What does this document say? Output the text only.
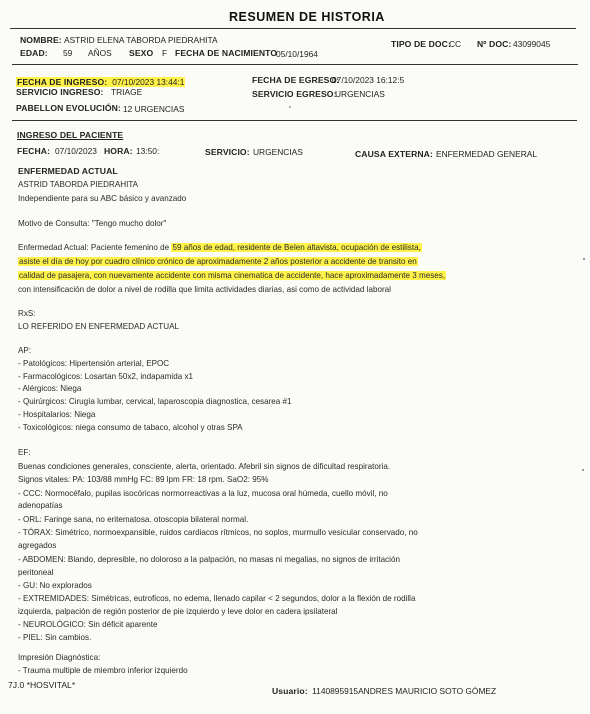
RESUMEN DE HISTORIA
NOMBRE: ASTRID ELENA TABORDA PIEDRAHITA	TIPO DE DOC:
CC Nº DOC: 43099045
EDAD: 59 AÑOS SEXO F FECHA DE NACIMIENTO
05/10/1964
FECHA DE INGRESO: 07/10/2023 13:44:1	FECHA DE EGRESO:
07/10/2023 16:12:5
SERVICIO INGRESO: TRIAGE	SERVICIO EGRESO:
URGENCIAS
PABELLON EVOLUCIÓN: 12 URGENCIAS
INGRESO DEL PACIENTE
FECHA: 07/10/2023 HORA: 13:50:	SERVICIO: URGENCIAS	CAUSA EXTERNA: ENFERMEDAD GENERAL
ENFERMEDAD ACTUAL
ASTRID TABORDA PIEDRAHITA
Independiente para su ABC básico y avanzado
Motivo de Consulta: "Tengo mucho dolor"
Enfermedad Actual: Paciente femenino de 59 años de edad, residente de Belen altavista, ocupación de estilista,
asiste el día de hoy por cuadro clínico crónico de aproximadamente 2 años posterior a accidente de transito en
calidad de pasajera, con nuevamente accidente con misma cinematica de accidente, hace aproximadamente 3 meses,
con intensificación de dolor a nivel de rodilla que limita actividades diarias, asi como de actividad laboral
RxS:
LO REFERIDO EN ENFERMEDAD ACTUAL
AP:
- Patológicos: Hipertensión arterial, EPOC
- Farmacológicos: Losartan 50x2, indapamida x1
- Alérgicos: Niega
- Quirúrgicos: Cirugía lumbar, cervical, laparoscopia diagnostica, cesarea #1
- Hospitalarios: Niega
- Toxicológicos: niega consumo de tabaco, alcohol y otras SPA
EF:
Buenas condiciones generales, consciente, alerta, orientado. Afebril sin signos de dificultad respiratoria.
Signos vitales: PA: 103/88 mmHg FC: 89 lpm FR: 18 rpm. SaO2: 95%
- CCC: Normocéfalo, pupilas isocóricas normorreactivas a la luz, mucosa oral húmeda, cuello móvil, no
adenopatías
- ORL: Faringe sana, no eritematosa. otoscopia bilateral normal.
- TÓRAX: Simétrico, normoexpansible, ruidos cardiacos rítmicos, no soplos, murmullo vesicular conservado, no
agregados
- ABDOMEN: Blando, depresible, no doloroso a la palpación, no masas ni megalias, no signos de irritación
peritoneal
- GU: No explorados
- EXTREMIDADES: Simétricas, eutroficos, no edema, llenado capilar < 2 segundos, dolor a la flexión de rodilla
izquierda, palpación de región posterior de pie izquierdo y leve dolor en cadera ipsilateral
- NEUROLÓGICO: Sin déficit aparente
- PIEL: Sin cambios.
Impresión Diagnóstica:
- Trauma multiple de miembro inferior izquierdo
7J.0 *HOSVITAL*
Usuario: 1140895915ANDRES MAURICIO SOTO GÓMEZ
